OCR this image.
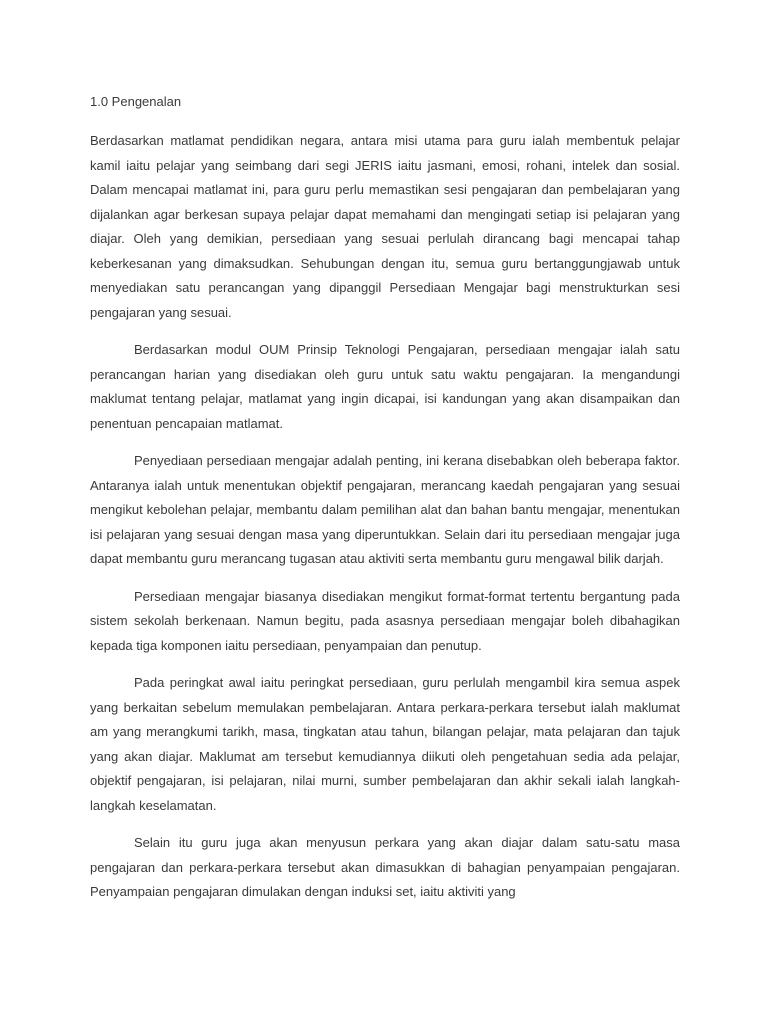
1.0 Pengenalan

Berdasarkan matlamat pendidikan negara, antara misi utama para guru ialah membentuk pelajar kamil iaitu pelajar yang seimbang dari segi JERIS iaitu jasmani, emosi, rohani, intelek dan sosial. Dalam mencapai matlamat ini, para guru perlu memastikan sesi pengajaran dan pembelajaran yang dijalankan agar berkesan supaya pelajar dapat memahami dan mengingati setiap isi pelajaran yang diajar. Oleh yang demikian, persediaan yang sesuai perlulah dirancang bagi mencapai tahap keberkesanan yang dimaksudkan. Sehubungan dengan itu, semua guru bertanggungjawab untuk menyediakan satu perancangan yang dipanggil Persediaan Mengajar bagi menstrukturkan sesi pengajaran yang sesuai.

Berdasarkan modul OUM Prinsip Teknologi Pengajaran, persediaan mengajar ialah satu perancangan harian yang disediakan oleh guru untuk satu waktu pengajaran. Ia mengandungi maklumat tentang pelajar, matlamat yang ingin dicapai, isi kandungan yang akan disampaikan dan penentuan pencapaian matlamat.

Penyediaan persediaan mengajar adalah penting, ini kerana disebabkan oleh beberapa faktor. Antaranya ialah untuk menentukan objektif pengajaran, merancang kaedah pengajaran yang sesuai mengikut kebolehan pelajar, membantu dalam pemilihan alat dan bahan bantu mengajar, menentukan isi pelajaran yang sesuai dengan masa yang diperuntukkan. Selain dari itu persediaan mengajar juga dapat membantu guru merancang tugasan atau aktiviti serta membantu guru mengawal bilik darjah.

Persediaan mengajar biasanya disediakan mengikut format-format tertentu bergantung pada sistem sekolah berkenaan. Namun begitu, pada asasnya persediaan mengajar boleh dibahagikan kepada tiga komponen iaitu persediaan, penyampaian dan penutup.

Pada peringkat awal iaitu peringkat persediaan, guru perlulah mengambil kira semua aspek yang berkaitan sebelum memulakan pembelajaran. Antara perkara-perkara tersebut ialah maklumat am yang merangkumi tarikh, masa, tingkatan atau tahun, bilangan pelajar, mata pelajaran dan tajuk yang akan diajar. Maklumat am tersebut kemudiannya diikuti oleh pengetahuan sedia ada pelajar, objektif pengajaran, isi pelajaran, nilai murni, sumber pembelajaran dan akhir sekali ialah langkah-langkah keselamatan.

Selain itu guru juga akan menyusun perkara yang akan diajar dalam satu-satu masa pengajaran dan perkara-perkara tersebut akan dimasukkan di bahagian penyampaian pengajaran. Penyampaian pengajaran dimulakan dengan induksi set, iaitu aktiviti yang
